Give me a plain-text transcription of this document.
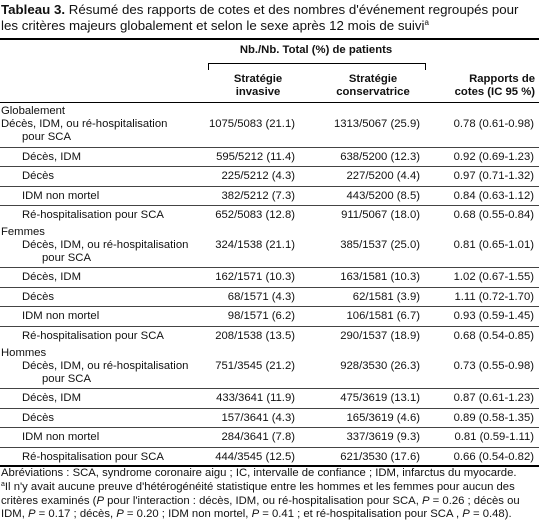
Tableau 3. Résumé des rapports de cotes et des nombres d'événement regroupés pour les critères majeurs globalement et selon le sexe après 12 mois de suivi$^a$
Nb./Nb. Total (%) de patients
Stratégie
invasive
Stratégie
conservatrice
Rapports de
cotes (IC 95 %)
Globalement
Décès, IDM, ou ré-hospitalisation
pour SCA
1075/5083 (21.1)	1313/5067 (25.9)	0.78 (0.61-0.98)
Décès, IDM	595/5212 (11.4)	638/5200 (12.3)	0.92 (0.69-1.23)
Décès	225/5212 (4.3)	227/5200 (4.4)	0.97 (0.71-1.32)
IDM non mortel	382/5212 (7.3)	443/5200 (8.5)	0.84 (0.63-1.12)
Ré-hospitalisation pour SCA	652/5083 (12.8)	911/5067 (18.0)	0.68 (0.55-0.84)
Femmes
Décès, IDM, ou ré-hospitalisation
pour SCA
324/1538 (21.1)	385/1537 (25.0)	0.81 (0.65-1.01)
Décès, IDM	162/1571 (10.3)	163/1581 (10.3)	1.02 (0.67-1.55)
Décès	68/1571 (4.3)	62/1581 (3.9)	1.11 (0.72-1.70)
IDM non mortel	98/1571 (6.2)	106/1581 (6.7)	0.93 (0.59-1.45)
Ré-hospitalisation pour SCA	208/1538 (13.5)	290/1537 (18.9)	0.68 (0.54-0.85)
Hommes
Décès, IDM, ou ré-hospitalisation
pour SCA
751/3545 (21.2)	928/3530 (26.3)	0.73 (0.55-0.98)
Décès, IDM	433/3641 (11.9)	475/3619 (13.1)	0.87 (0.61-1.23)
Décès	157/3641 (4.3)	165/3619 (4.6)	0.89 (0.58-1.35)
IDM non mortel	284/3641 (7.8)	337/3619 (9.3)	0.81 (0.59-1.11)
Ré-hospitalisation pour SCA	444/3545 (12.5)	621/3530 (17.6)	0.66 (0.54-0.82)
Abréviations : SCA, syndrome coronaire aigu ; IC, intervalle de confiance ; IDM, infarctus du myocarde.
$^a$Il n'y avait aucune preuve d'hétérogénéité statistique entre les hommes et les femmes pour aucun des critères examinés (P pour l'interaction : décès, IDM, ou ré-hospitalisation pour SCA, P = 0.26 ; décès ou IDM, P = 0.17 ; décès, P = 0.20 ; IDM non mortel, P = 0.41 ; et ré-hospitalisation pour SCA , P = 0.48).
